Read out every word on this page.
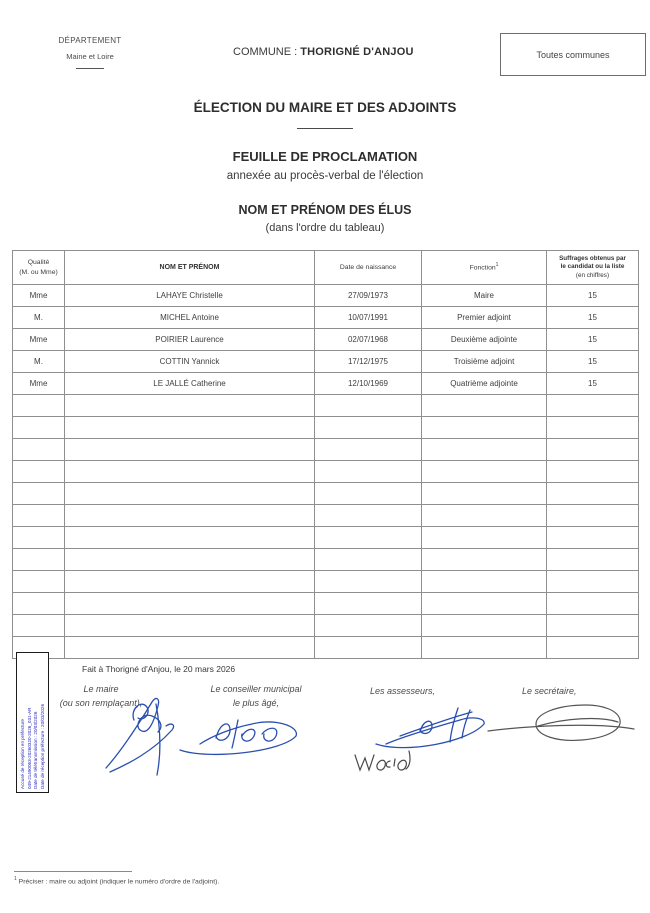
DÉPARTEMENT
Maine et Loire	COMMUNE : THORIGNÉ D'ANJOU	Toutes communes
ÉLECTION DU MAIRE ET DES ADJOINTS
FEUILLE DE PROCLAMATION
annexée au procès-verbal de l'élection
NOM ET PRÉNOM DES ÉLUS
(dans l'ordre du tableau)
Qualité
(M. ou Mme)	NOM ET PRÉNOM	Date de naissance	Fonction$^1$	Suffrages obtenus par
le candidat ou la liste
(en chiffres)

Mme	LAHAYE Christelle	27/09/1973	Maire	15
M.	MICHEL Antoine	10/07/1991	Premier adjoint	15
Mme	POIRIER Laurence	02/07/1968	Deuxième adjointe	15
M.	COTTIN Yannick	17/12/1975	Troisième adjoint	15
Mme	LE JALLÉ Catherine	12/10/1969	Quatrième adjointe	15

Accusé de réception en préfecture 049-21490063-20260320-2026_031-AR Date de télétransmission : 20/03/2026 Date de réception préfecture : 20/03/2026
Fait à Thorigné d'Anjou, le 20 mars 2026
Le maire
(ou son remplaçant),
Le conseiller municipal
le plus âgé,
Les assesseurs,	Le secrétaire,
$^1$ Préciser : maire ou adjoint (indiquer le numéro d'ordre de l'adjoint).
